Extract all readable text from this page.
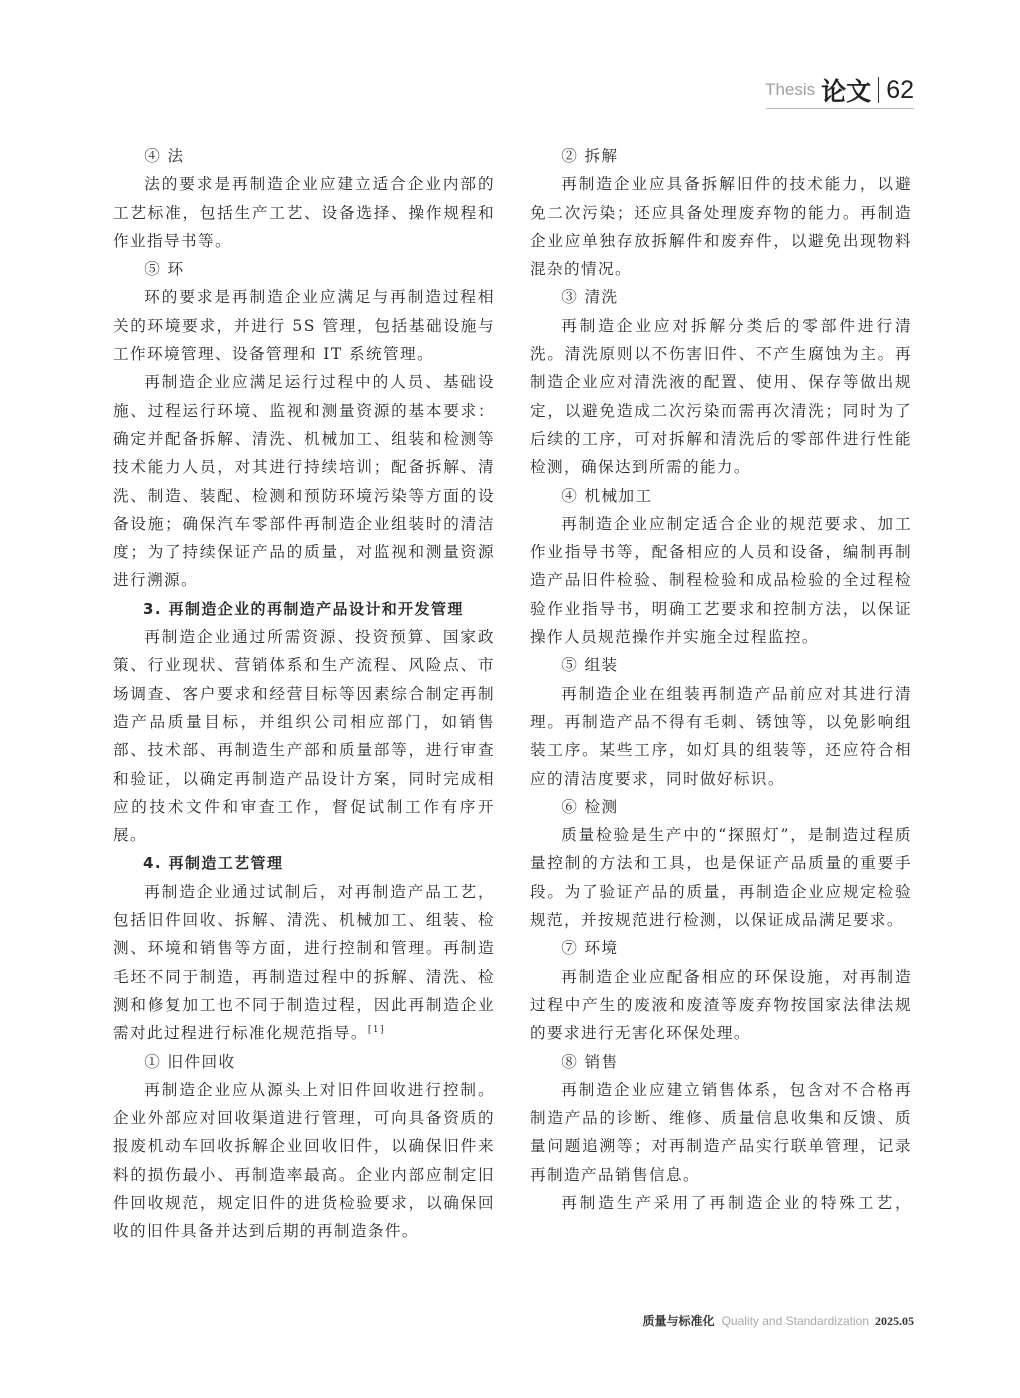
Thesis 论文 62

④ 法

法的要求是再制造企业应建立适合企业内部的工艺标准，包括生产工艺、设备选择、操作规程和作业指导书等。

⑤ 环

环的要求是再制造企业应满足与再制造过程相关的环境要求，并进行 5S 管理，包括基础设施与工作环境管理、设备管理和 IT 系统管理。

再制造企业应满足运行过程中的人员、基础设施、过程运行环境、监视和测量资源的基本要求：确定并配备拆解、清洗、机械加工、组装和检测等技术能力人员，对其进行持续培训；配备拆解、清洗、制造、装配、检测和预防环境污染等方面的设备设施；确保汽车零部件再制造企业组装时的清洁度；为了持续保证产品的质量，对监视和测量资源进行溯源。

3. 再制造企业的再制造产品设计和开发管理

再制造企业通过所需资源、投资预算、国家政策、行业现状、营销体系和生产流程、风险点、市场调查、客户要求和经营目标等因素综合制定再制造产品质量目标，并组织公司相应部门，如销售部、技术部、再制造生产部和质量部等，进行审查和验证，以确定再制造产品设计方案，同时完成相应的技术文件和审查工作，督促试制工作有序开展。

4. 再制造工艺管理

再制造企业通过试制后，对再制造产品工艺，包括旧件回收、拆解、清洗、机械加工、组装、检测、环境和销售等方面，进行控制和管理。再制造毛坯不同于制造，再制造过程中的拆解、清洗、检测和修复加工也不同于制造过程，因此再制造企业需对此过程进行标准化规范指导。[1]

① 旧件回收

再制造企业应从源头上对旧件回收进行控制。企业外部应对回收渠道进行管理，可向具备资质的报废机动车回收拆解企业回收旧件，以确保旧件来料的损伤最小、再制造率最高。企业内部应制定旧件回收规范，规定旧件的进货检验要求，以确保回收的旧件具备并达到后期的再制造条件。

② 拆解

再制造企业应具备拆解旧件的技术能力，以避免二次污染；还应具备处理废弃物的能力。再制造企业应单独存放拆解件和废弃件，以避免出现物料混杂的情况。

③ 清洗

再制造企业应对拆解分类后的零部件进行清洗。清洗原则以不伤害旧件、不产生腐蚀为主。再制造企业应对清洗液的配置、使用、保存等做出规定，以避免造成二次污染而需再次清洗；同时为了后续的工序，可对拆解和清洗后的零部件进行性能检测，确保达到所需的能力。

④ 机械加工

再制造企业应制定适合企业的规范要求、加工作业指导书等，配备相应的人员和设备，编制再制造产品旧件检验、制程检验和成品检验的全过程检验作业指导书，明确工艺要求和控制方法，以保证操作人员规范操作并实施全过程监控。

⑤ 组装

再制造企业在组装再制造产品前应对其进行清理。再制造产品不得有毛刺、锈蚀等，以免影响组装工序。某些工序，如灯具的组装等，还应符合相应的清洁度要求，同时做好标识。

⑥ 检测

质量检验是生产中的“探照灯”，是制造过程质量控制的方法和工具，也是保证产品质量的重要手段。为了验证产品的质量，再制造企业应规定检验规范，并按规范进行检测，以保证成品满足要求。

⑦ 环境

再制造企业应配备相应的环保设施，对再制造过程中产生的废液和废渣等废弃物按国家法律法规的要求进行无害化环保处理。

⑧ 销售

再制造企业应建立销售体系，包含对不合格再制造产品的诊断、维修、质量信息收集和反馈、质量问题追溯等；对再制造产品实行联单管理，记录再制造产品销售信息。

再制造生产采用了再制造企业的特殊工艺，

质量与标准化 Quality and Standardization 2025.05
